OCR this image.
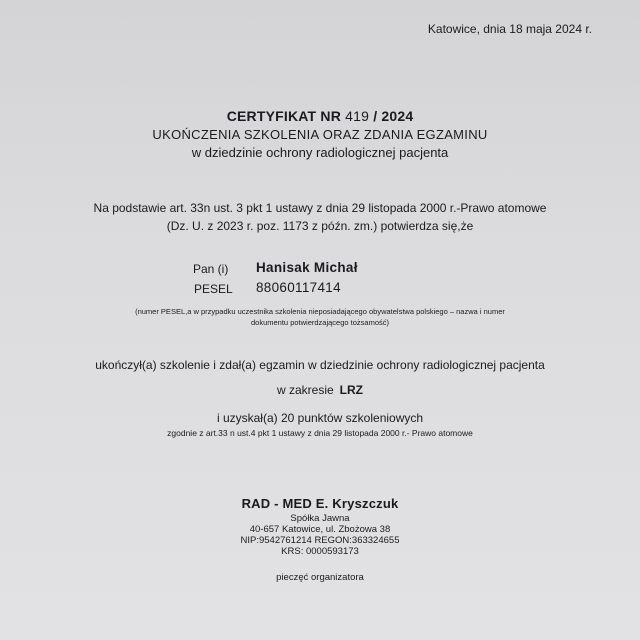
Katowice, dnia 18 maja 2024 r.
CERTYFIKAT NR 419 / 2024
UKOŃCZENIA SZKOLENIA ORAZ ZDANIA EGZAMINU
w dziedzinie ochrony radiologicznej pacjenta
Na podstawie art. 33n ust. 3 pkt 1 ustawy z dnia 29 listopada 2000 r.-Prawo atomowe
(Dz. U. z 2023 r. poz. 1173 z późn. zm.) potwierdza się,że
Pan (i) Hanisak Michał
PESEL 88060117414
(numer PESEL,a w przypadku uczestnika szkolenia nieposiadającego obywatelstwa polskiego – nazwa i numer
dokumentu potwierdzającego tożsamość)
ukończył(a) szkolenie i zdał(a) egzamin w dziedzinie ochrony radiologicznej pacjenta
w zakresie LRZ
i uzyskał(a) 20 punktów szkoleniowych
zgodnie z art.33 n ust.4 pkt 1 ustawy z dnia 29 listopada 2000 r.- Prawo atomowe
RAD - MED E. Kryszczuk
Spółka Jawna
40-657 Katowice, ul. Zbożowa 38
NIP:9542761214 REGON:363324655
KRS: 0000593173
pieczęć organizatora
